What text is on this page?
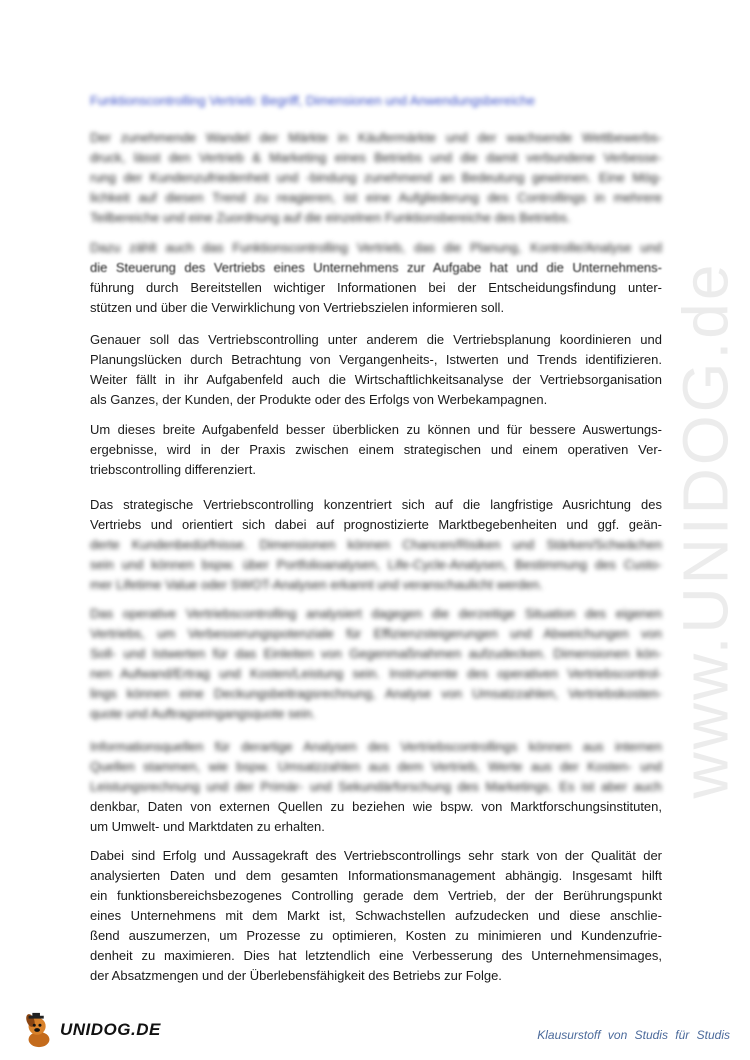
www.UNIDOG.de
Funktionscontrolling Vertrieb: Begriff, Dimensionen und Anwendungsbereiche
Der zunehmende Wandel der Märkte in Käufermärkte und der wachsende Wettbewerbs-
druck, lässt den Vertrieb & Marketing eines Betriebs und die damit verbundene Verbesse-
rung der Kundenzufriedenheit und -bindung zunehmend an Bedeutung gewinnen. Eine Mög-
lichkeit auf diesen Trend zu reagieren, ist eine Aufgliederung des Controllings in mehrere
Teilbereiche und eine Zuordnung auf die einzelnen Funktionsbereiche des Betriebs.
Dazu zählt auch das Funktionscontrolling Vertrieb, das die Planung, Kontrolle/Analyse und
die Steuerung des Vertriebs eines Unternehmens zur Aufgabe hat und die Unternehmens-
führung durch Bereitstellen wichtiger Informationen bei der Entscheidungsfindung unter-
stützen und über die Verwirklichung von Vertriebszielen informieren soll.
Genauer soll das Vertriebscontrolling unter anderem die Vertriebsplanung koordinieren und
Planungslücken durch Betrachtung von Vergangenheits-, Istwerten und Trends identifizieren.
Weiter fällt in ihr Aufgabenfeld auch die Wirtschaftlichkeitsanalyse der Vertriebsorganisation
als Ganzes, der Kunden, der Produkte oder des Erfolgs von Werbekampagnen.
Um dieses breite Aufgabenfeld besser überblicken zu können und für bessere Auswertungs-
ergebnisse, wird in der Praxis zwischen einem strategischen und einem operativen Ver-
triebscontrolling differenziert.
Das strategische Vertriebscontrolling konzentriert sich auf die langfristige Ausrichtung des
Vertriebs und orientiert sich dabei auf prognostizierte Marktbegebenheiten und ggf. geän-
derte Kundenbedürfnisse. Dimensionen können Chancen/Risiken und Stärken/Schwächen
sein und können bspw. über Portfolioanalysen, Life-Cycle-Analysen, Bestimmung des Custo-
mer Lifetime Value oder SWOT-Analysen erkannt und veranschaulicht werden.
Das operative Vertriebscontrolling analysiert dagegen die derzeitige Situation des eigenen
Vertriebs, um Verbesserungspotenziale für Effizienzsteigerungen und Abweichungen von
Soll- und Istwerten für das Einleiten von Gegenmaßnahmen aufzudecken. Dimensionen kön-
nen Aufwand/Ertrag und Kosten/Leistung sein. Instrumente des operativen Vertriebscontrol-
lings können eine Deckungsbeitragsrechnung, Analyse von Umsatzzahlen, Vertriebskosten-
quote und Auftragseingangsquote sein.
Informationsquellen für derartige Analysen des Vertriebscontrollings können aus internen
Quellen stammen, wie bspw. Umsatzzahlen aus dem Vertrieb, Werte aus der Kosten- und
Leistungsrechnung und der Primär- und Sekundärforschung des Marketings. Es ist aber auch
denkbar, Daten von externen Quellen zu beziehen wie bspw. von Marktforschungsinstituten,
um Umwelt- und Marktdaten zu erhalten.
Dabei sind Erfolg und Aussagekraft des Vertriebscontrollings sehr stark von der Qualität der
analysierten Daten und dem gesamten Informationsmanagement abhängig. Insgesamt hilft
ein funktionsbereichsbezogenes Controlling gerade dem Vertrieb, der der Berührungspunkt
eines Unternehmens mit dem Markt ist, Schwachstellen aufzudecken und diese anschlie-
ßend auszumerzen, um Prozesse zu optimieren, Kosten zu minimieren und Kundenzufrie-
denheit zu maximieren. Dies hat letztendlich eine Verbesserung des Unternehmensimages,
der Absatzmengen und der Überlebensfähigkeit des Betriebs zur Folge.
UNIDOG.DE	Klausurstoff von Studis für Studis
